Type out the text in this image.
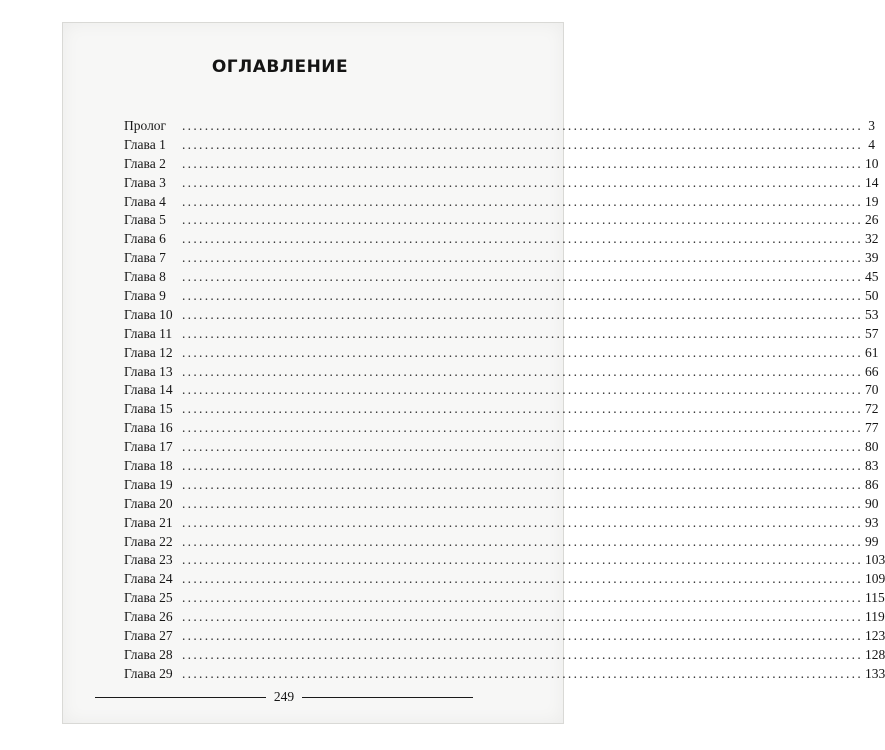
ОГЛАВЛЕНИЕ
Пролог	........................................................................................................................ 3
Глава 1	........................................................................................................................ 4
Глава 2	........................................................................................................................ 10
Глава 3	........................................................................................................................ 14
Глава 4	........................................................................................................................ 19
Глава 5	........................................................................................................................ 26
Глава 6	........................................................................................................................ 32
Глава 7	........................................................................................................................ 39
Глава 8	........................................................................................................................ 45
Глава 9	........................................................................................................................ 50
Глава 10 ........................................................................................................................ 53
Глава 11 ........................................................................................................................ 57
Глава 12 ........................................................................................................................ 61
Глава 13 ........................................................................................................................ 66
Глава 14 ........................................................................................................................ 70
Глава 15 ........................................................................................................................ 72
Глава 16 ........................................................................................................................ 77
Глава 17 ........................................................................................................................ 80
Глава 18 ........................................................................................................................ 83
Глава 19 ........................................................................................................................ 86
Глава 20 ........................................................................................................................ 90
Глава 21 ........................................................................................................................ 93
Глава 22 ........................................................................................................................ 99
Глава 23 ........................................................................................................................ 103
Глава 24 ........................................................................................................................ 109
Глава 25 ........................................................................................................................ 115
Глава 26 ........................................................................................................................ 119
Глава 27 ........................................................................................................................ 123
Глава 28 ........................................................................................................................ 128
Глава 29 ........................................................................................................................ 133
249
